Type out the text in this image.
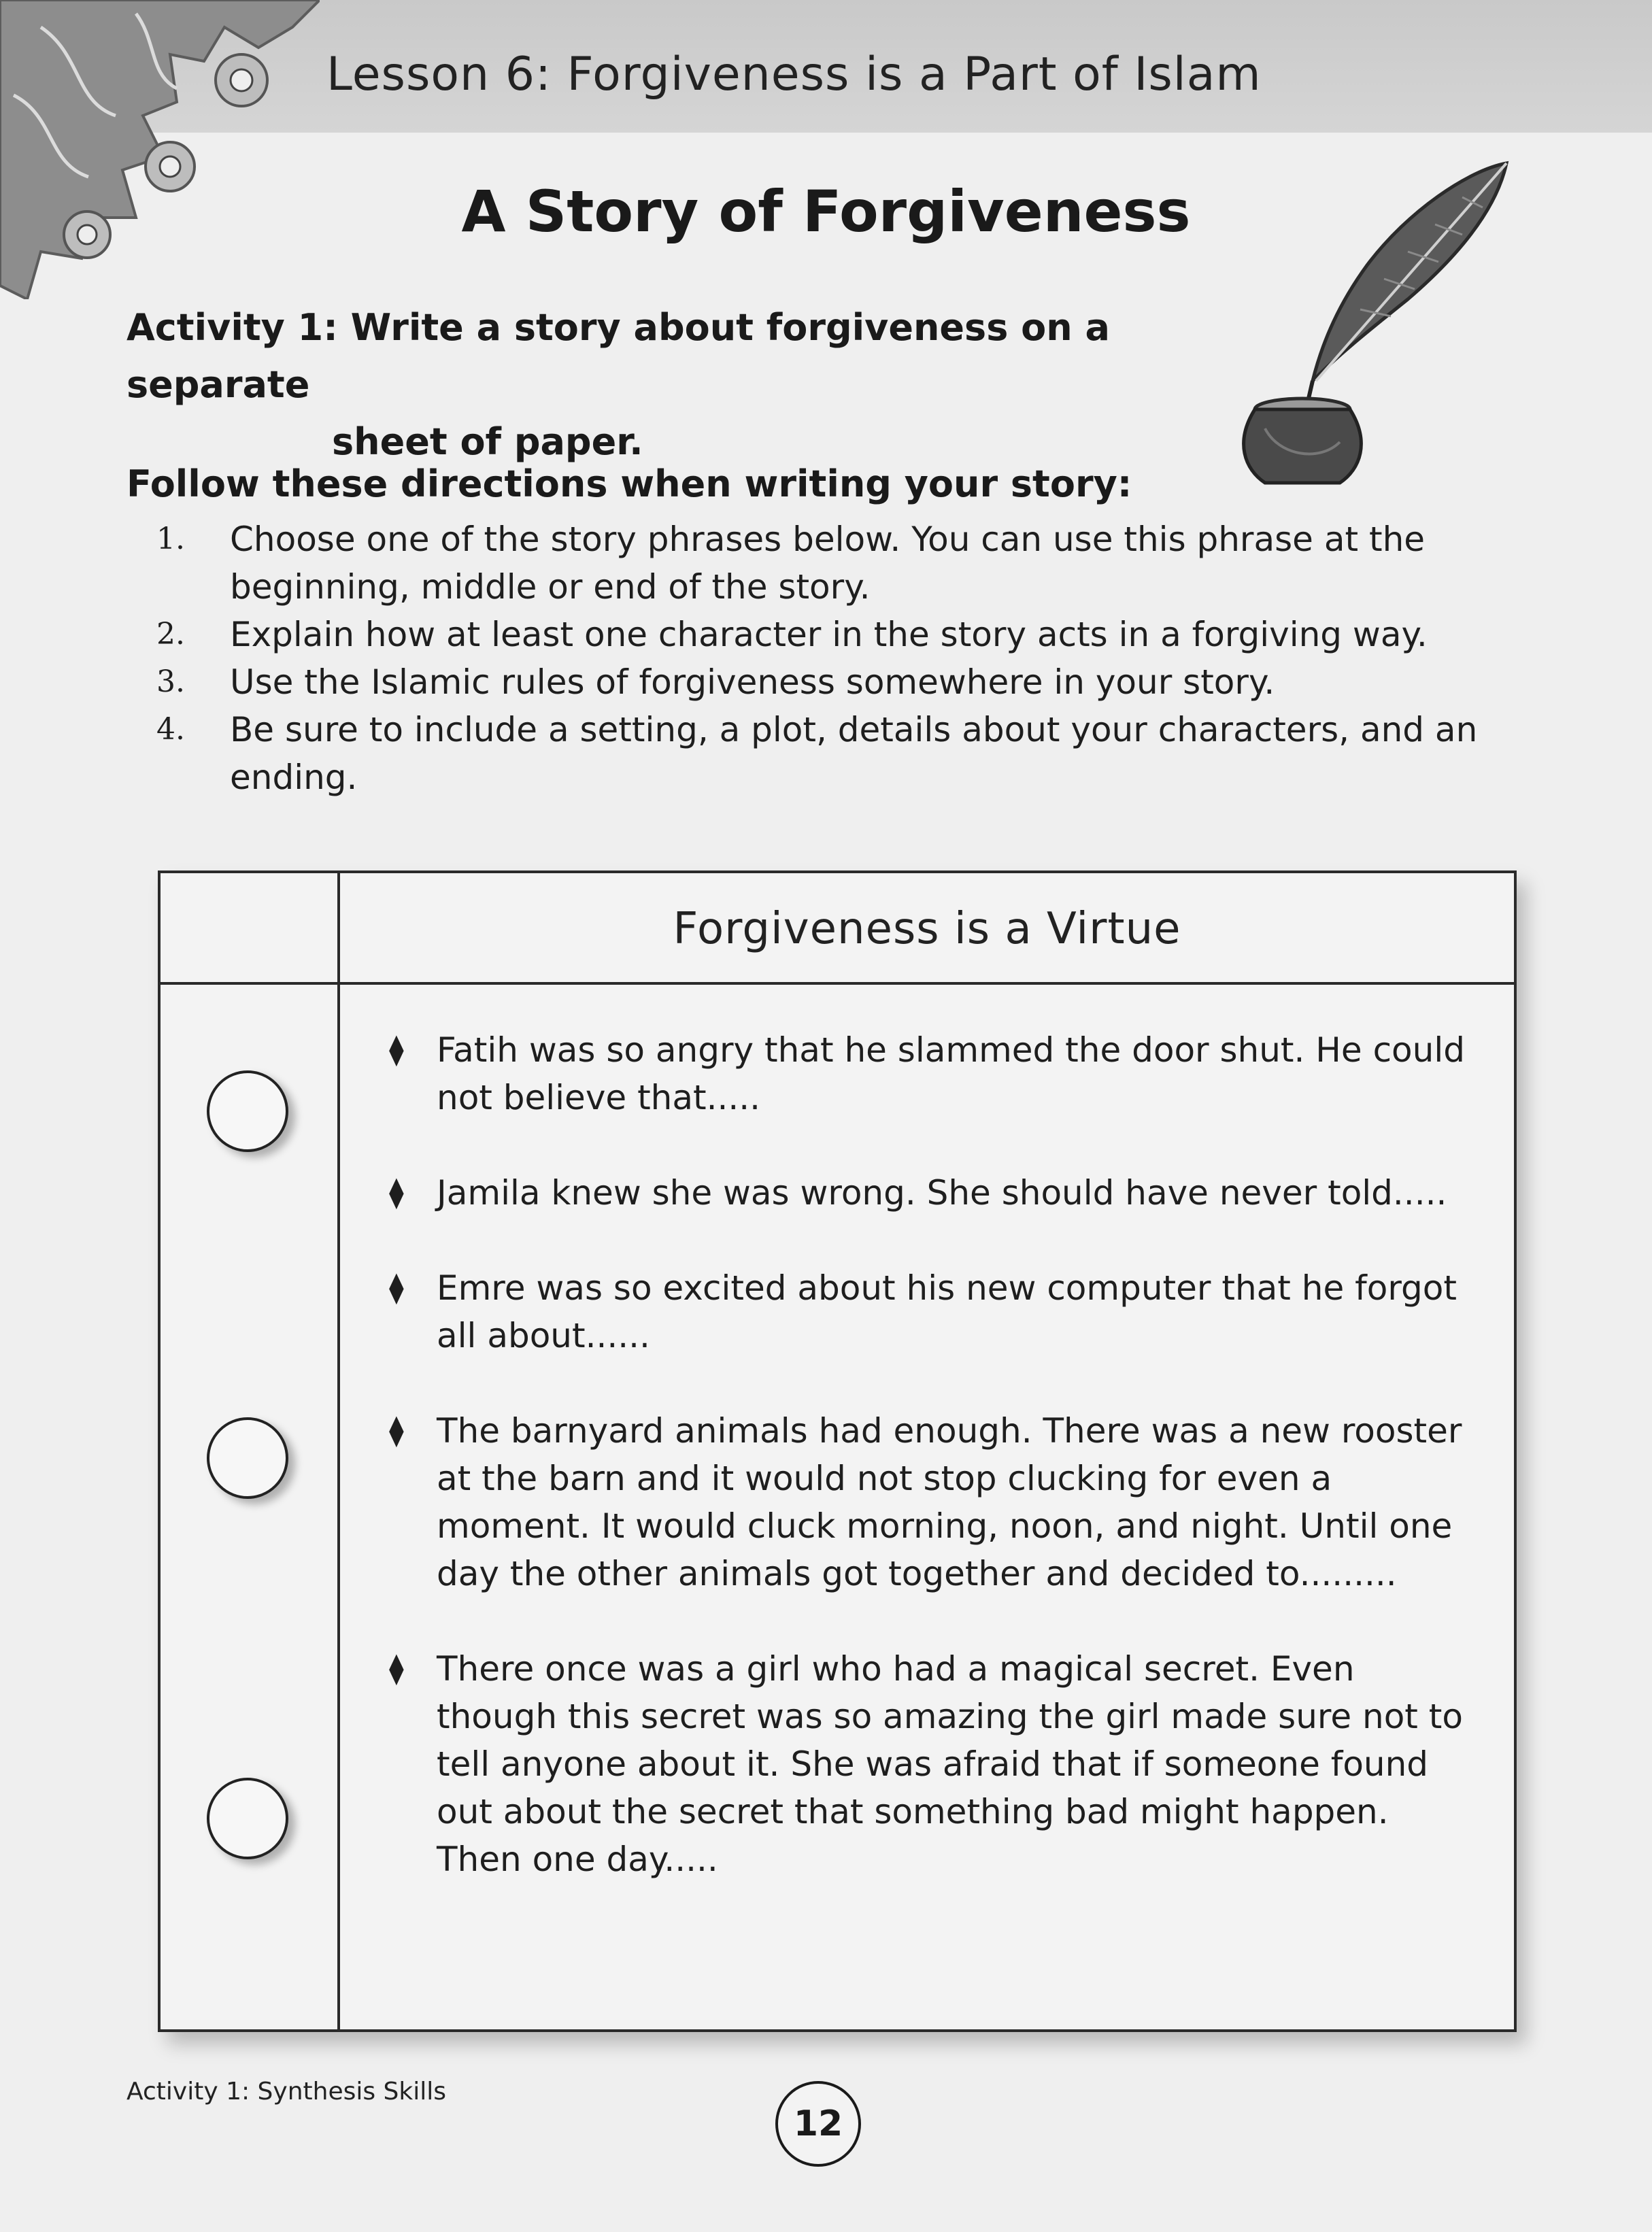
Lesson 6: Forgiveness is a Part of Islam
A Story of Forgiveness
Activity 1: Write a story about forgiveness on a separate
sheet of paper.
Follow these directions when writing your story:
1.	Choose one of the story phrases below. You can use this phrase at the beginning, middle or end of the story.
2.	Explain how at least one character in the story acts in a forgiving way.
3.	Use the Islamic rules of forgiveness somewhere in your story.
4.	Be sure to include a setting, a plot, details about your characters, and an ending.
Forgiveness is a Virtue
⧫ Fatih was so angry that he slammed the door shut. He could not believe that.....
⧫ Jamila knew she was wrong. She should have never told.....
⧫ Emre was so excited about his new computer that he forgot all about......
⧫ The barnyard animals had enough. There was a new rooster at the barn and it would not stop clucking for even a moment. It would cluck morning, noon, and night. Until one day the other animals got together and decided to.........
⧫ There once was a girl who had a magical secret. Even though this secret was so amazing the girl made sure not to tell anyone about it. She was afraid that if someone found out about the secret that something bad might happen. Then one day.....
Activity 1: Synthesis Skills
12
